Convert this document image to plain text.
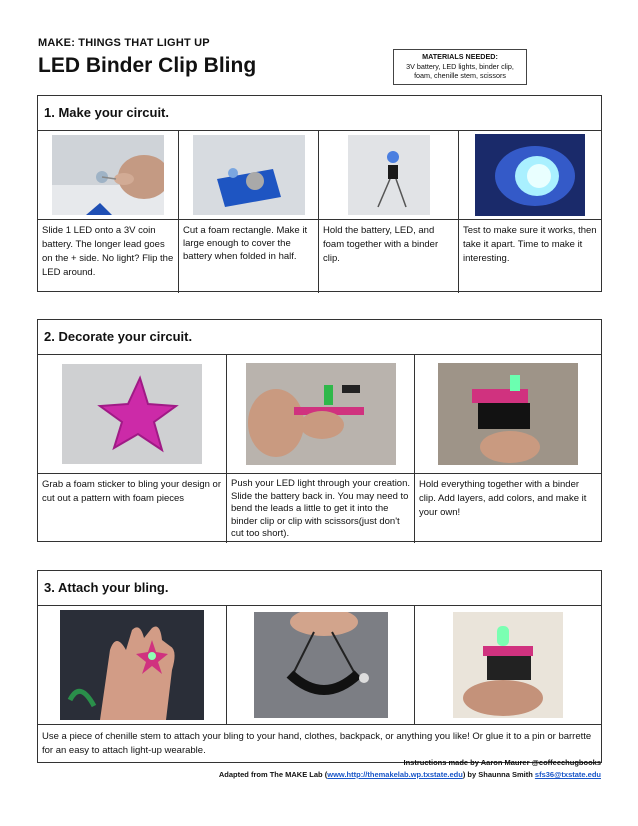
MAKE: THINGS THAT LIGHT UP
LED Binder Clip Bling	MATERIALS NEEDED:
3V battery, LED lights, binder clip,
foam, chenille stem, scissors
1. Make your circuit.
Slide 1 LED onto a 3V coin battery. The longer lead goes on the + side. No light? Flip the LED around.
Cut a foam rectangle. Make it large enough to cover the battery when folded in half.
Hold the battery, LED, and foam together with a binder clip.
Test to make sure it works, then take it apart. Time to make it interesting.
2. Decorate your circuit.
Grab a foam sticker to bling your design or cut out a pattern with foam pieces
Push your LED light through your creation. Slide the battery back in. You may need to bend the leads a little to get it into the binder clip or clip with scissors(just don't cut too short).
Hold everything together with a binder clip. Add layers, add colors, and make it your own!
3. Attach your bling.
Use a piece of chenille stem to attach your bling to your hand, clothes, backpack, or anything you like! Or glue it to a pin or barrette for an easy to attach light-up wearable.
Instructions made by Aaron Maurer @coffeechugbooks
Adapted from The MAKE Lab (www.http://themakelab.wp.txstate.edu) by Shaunna Smith sfs36@txstate.edu
